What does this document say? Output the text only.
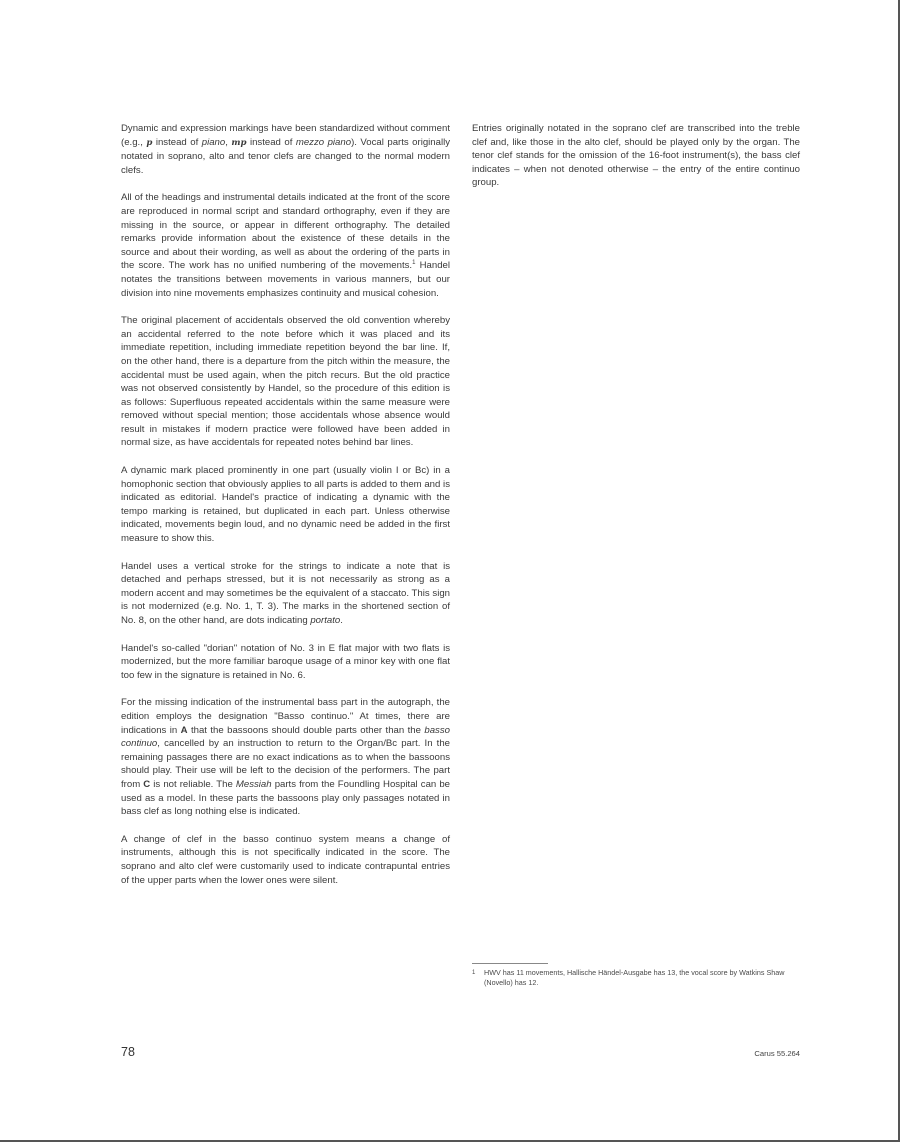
Dynamic and expression markings have been standardized without comment (e.g., p instead of piano, mp instead of mezzo piano). Vocal parts originally notated in soprano, alto and tenor clefs are changed to the normal modern clefs.

All of the headings and instrumental details indicated at the front of the score are reproduced in normal script and standard orthography, even if they are missing in the source, or appear in different orthography. The detailed remarks provide information about the existence of these details in the source and about their wording, as well as about the ordering of the parts in the score. The work has no unified numbering of the movements.$^1$ Handel notates the transitions between movements in various manners, but our division into nine movements emphasizes continuity and musical cohesion.

The original placement of accidentals observed the old convention whereby an accidental referred to the note before which it was placed and its immediate repetition, including immediate repetition beyond the bar line. If, on the other hand, there is a departure from the pitch within the measure, the accidental must be used again, when the pitch recurs. But the old practice was not observed consistently by Handel, so the procedure of this edition is as follows: Superfluous repeated accidentals within the same measure were removed without special mention; those accidentals whose absence would result in mistakes if modern practice were followed have been added in normal size, as have accidentals for repeated notes behind bar lines.

A dynamic mark placed prominently in one part (usually violin I or Bc) in a homophonic section that obviously applies to all parts is added to them and is indicated as editorial. Handel's practice of indicating a dynamic with the tempo marking is retained, but duplicated in each part. Unless otherwise indicated, movements begin loud, and no dynamic need be added in the first measure to show this.

Handel uses a vertical stroke for the strings to indicate a note that is detached and perhaps stressed, but it is not necessarily as strong as a modern accent and may sometimes be the equivalent of a staccato. This sign is not modernized (e.g. No. 1, T. 3). The marks in the shortened section of No. 8, on the other hand, are dots indicating portato.

Handel's so-called "dorian" notation of No. 3 in E flat major with two flats is modernized, but the more familiar baroque usage of a minor key with one flat too few in the signature is retained in No. 6.

For the missing indication of the instrumental bass part in the autograph, the edition employs the designation "Basso continuo." At times, there are indications in A that the bassoons should double parts other than the basso continuo, cancelled by an instruction to return to the Organ/Bc part. In the remaining passages there are no exact indications as to when the bassoons should play. Their use will be left to the decision of the performers. The part from C is not reliable. The Messiah parts from the Foundling Hospital can be used as a model. In these parts the bassoons play only passages notated in bass clef as long nothing else is indicated.

A change of clef in the basso continuo system means a change of instruments, although this is not specifically indicated in the score. The soprano and alto clef were customarily used to indicate contrapuntal entries of the upper parts when the lower ones were silent.

Entries originally notated in the soprano clef are transcribed into the treble clef and, like those in the alto clef, should be played only by the organ. The tenor clef stands for the omission of the 16-foot instrument(s), the bass clef indicates – when not denoted otherwise – the entry of the entire continuo group.

1	HWV has 11 movements, Hallische Händel-Ausgabe has 13, the vocal score by Watkins Shaw (Novello) has 12.
78	Carus 55.264
